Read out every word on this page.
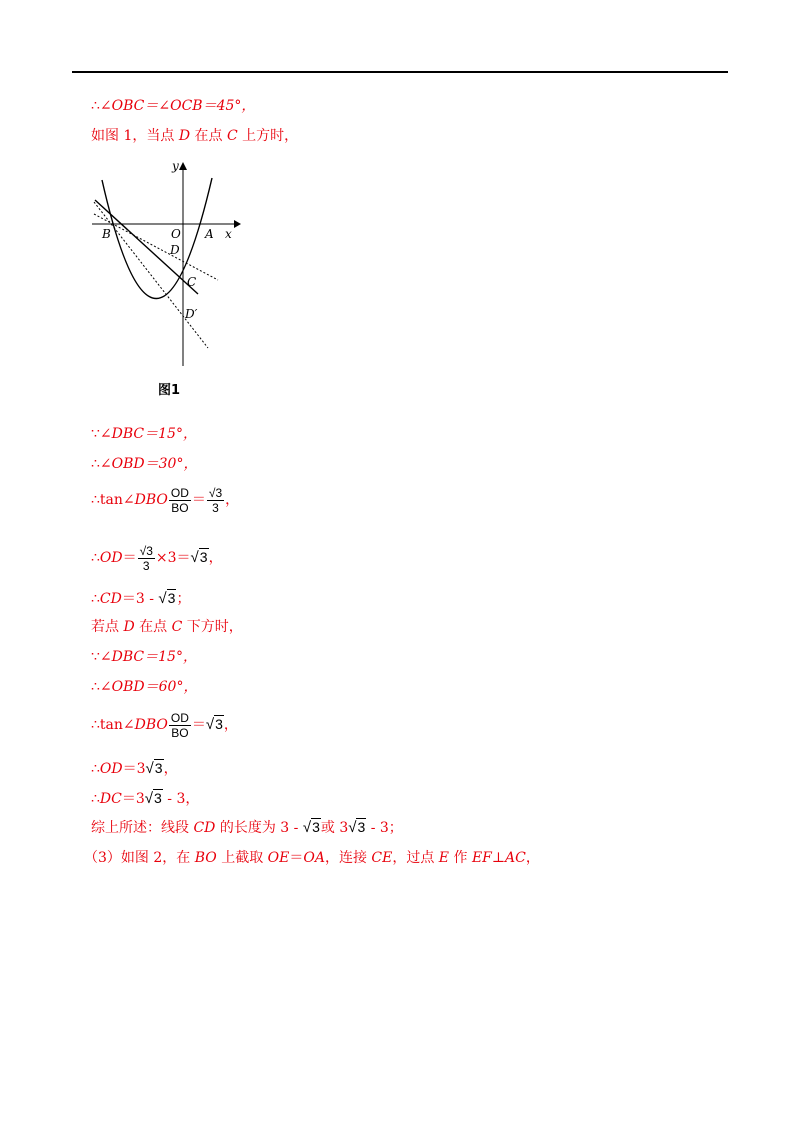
∴∠OBC＝∠OCB＝45°，
如图 1，当点 D 在点 C 上方时，
y
x
B	O A
D
C
D′
图1
∵∠DBC＝15°，
∴∠OBD＝30°，
∴tan∠DBO $\frac{OD}{BO} = \frac{√3}{3}$ ，
∴OD＝ $\frac{√3}{3} \times 3=√3$，
∴CD＝3 - √3；
若点 D 在点 C 下方时，
∵∠DBC＝15°，
∴∠OBD＝60°，
∴tan∠DBO $\frac{OD}{BO} =√3$，
∴OD＝3√3，
∴DC＝3√3 - 3，
综上所述：线段 CD 的长度为 3 - √3或 3√3 - 3；
（3）如图 2，在 BO 上截取 OE＝OA，连接 CE，过点 E 作 EF⊥AC，
